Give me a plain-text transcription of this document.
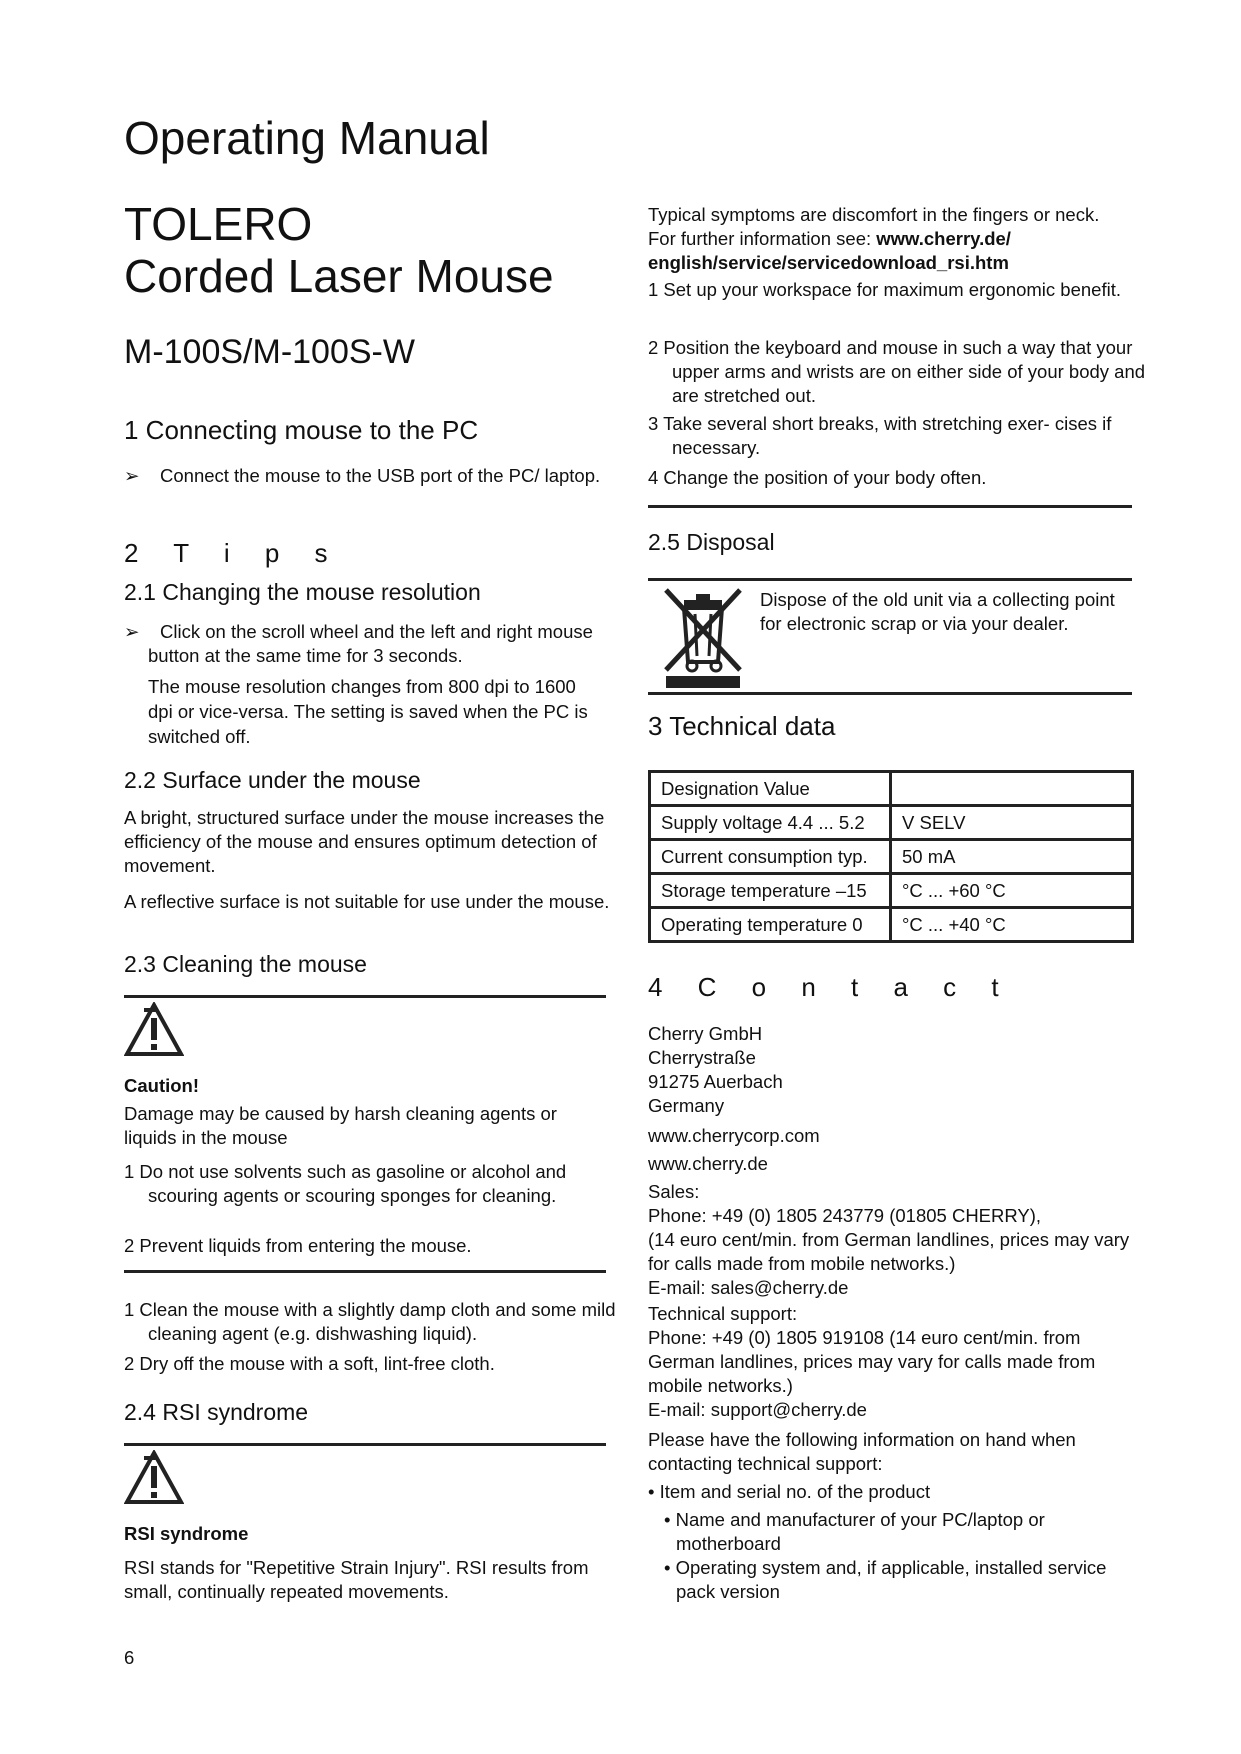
Operating Manual
TOLERO
Corded Laser Mouse
M-100S/M-100S-W
1 Connecting mouse to the PC
➢ Connect the mouse to the USB port of the PC/ laptop.
2 T i p s
2.1 Changing the mouse resolution
➢ Click on the scroll wheel and the left and right mouse button at the same time for 3 seconds.
The mouse resolution changes from 800 dpi to 1600 dpi or vice-versa. The setting is saved when the PC is switched off.
2.2 Surface under the mouse
A bright, structured surface under the mouse increases the efficiency of the mouse and ensures optimum detection of movement.
A reflective surface is not suitable for use under the mouse.
2.3 Cleaning the mouse
Caution!
Damage may be caused by harsh cleaning agents or liquids in the mouse
1 Do not use solvents such as gasoline or alcohol and scouring agents or scouring sponges for cleaning.
2 Prevent liquids from entering the mouse.
1 Clean the mouse with a slightly damp cloth and some mild cleaning agent (e.g. dishwashing liquid).
2 Dry off the mouse with a soft, lint-free cloth.
2.4 RSI syndrome
RSI syndrome
RSI stands for "Repetitive Strain Injury". RSI results from small, continually repeated movements.
6
Typical symptoms are discomfort in the fingers or neck. For further information see: www.cherry.de/ english/service/servicedownload_rsi.htm
1 Set up your workspace for maximum ergonomic benefit.
2 Position the keyboard and mouse in such a way that your upper arms and wrists are on either side of your body and are stretched out.
3 Take several short breaks, with stretching exer- cises if necessary.
4 Change the position of your body often.
2.5 Disposal
Dispose of the old unit via a collecting point for electronic scrap or via your dealer.
3 Technical data
Designation Value	
Supply voltage 4.4 ... 5.2	V SELV
Current consumption typ.	50 mA
Storage temperature –15	°C ... +60 °C
Operating temperature 0	°C ... +40 °C
4 C o n t a c t
Cherry GmbH
Cherrystraße
91275 Auerbach
Germany
www.cherrycorp.com
www.cherry.de
Sales:
Phone: +49 (0) 1805 243779 (01805 CHERRY),
(14 euro cent/min. from German landlines, prices may vary for calls made from mobile networks.)
E-mail: sales@cherry.de
Technical support:
Phone: +49 (0) 1805 919108 (14 euro cent/min. from German landlines, prices may vary for calls made from mobile networks.)
E-mail: support@cherry.de
Please have the following information on hand when contacting technical support:
• Item and serial no. of the product
• Name and manufacturer of your PC/laptop or motherboard
• Operating system and, if applicable, installed service pack version
